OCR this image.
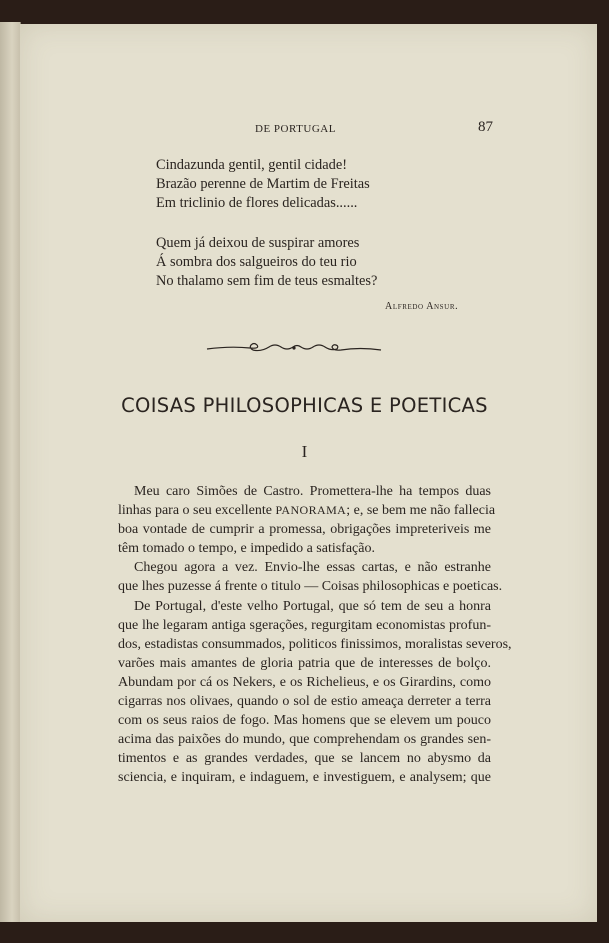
DE PORTUGAL	87
Cindazunda gentil, gentil cidade!
Brazão perenne de Martim de Freitas
Em triclinio de flores delicadas......
Quem já deixou de suspirar amores
Á sombra dos salgueiros do teu rio
No thalamo sem fim de teus esmaltes?
Alfredo Ansur.
COISAS PHILOSOPHICAS E POETICAS
I
Meu caro Simões de Castro. Prometterа-lhe ha tempos duas
linhas para o seu excellente PANORAMA; e, se bem me não fallecia
boa vontade de cumprir a promessa, obrigações impreteriveis me
têm tomado o tempo, e impedido a satisfação.
Chegou agora a vez. Envio-lhe essas cartas, e não estranhe
que lhes puzesse á frente o titulo — Coisas philosophicas e poeticas.
De Portugal, d'este velho Portugal, que só tem de seu a honra
que lhe legaram antiga sgerações, regurgitam economistas profun-
dos, estadistas consummados, politicos finissimos, moralistas severos,
varões mais amantes de gloria patria que de interesses de bolço.
Abundam por cá os Nekers, e os Richelieus, e os Girardins, como
cigarras nos olivaes, quando o sol de estio ameaça derreter a terra
com os seus raios de fogo. Mas homens que se elevem um pouco
acima das paixões do mundo, que comprehendam os grandes sen-
timentos e as grandes verdades, que se lancem no abysmo da
sciencia, e inquiram, e indaguem, e investiguem, e analysem; que
